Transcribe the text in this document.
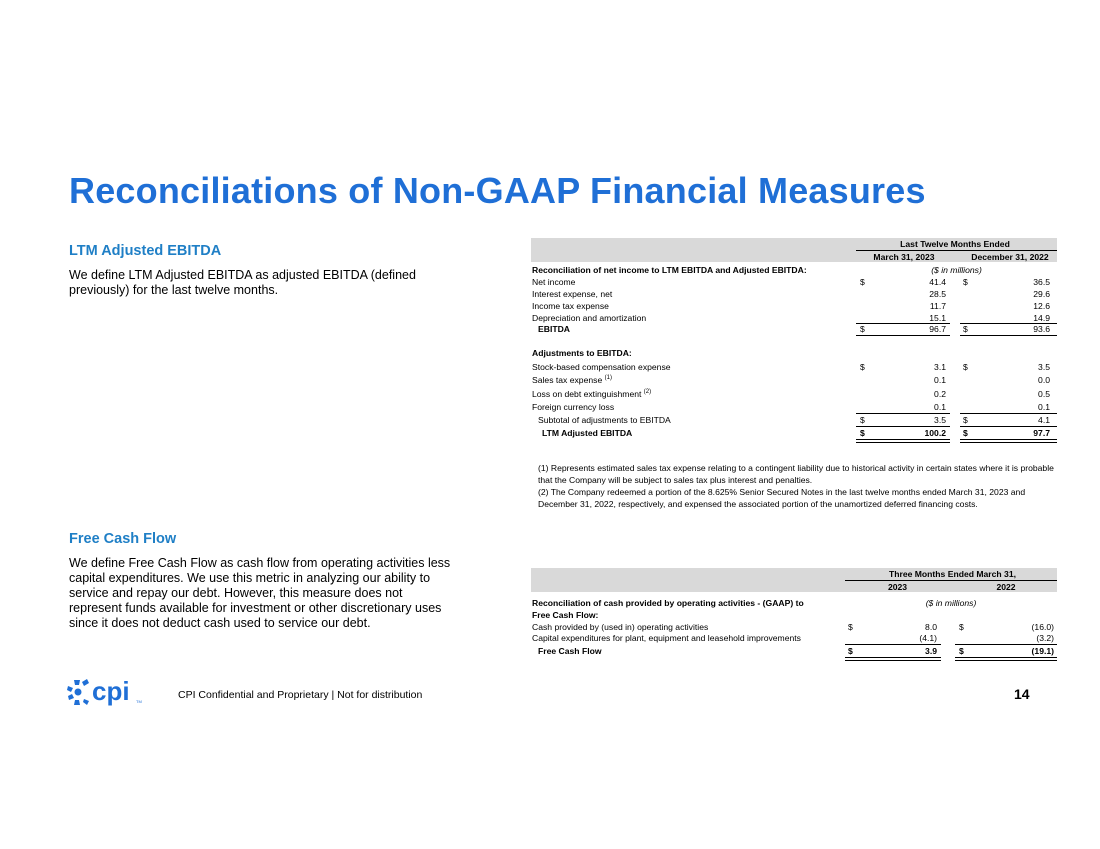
Reconciliations of Non-GAAP Financial Measures
LTM Adjusted EBITDA
We define LTM Adjusted EBITDA as adjusted EBITDA (defined previously) for the last twelve months.
Free Cash Flow
We define Free Cash Flow as cash flow from operating activities less capital expenditures. We use this metric in analyzing our ability to service and repay our debt. However, this measure does not represent funds available for investment or other discretionary uses since it does not deduct cash used to service our debt.
Last Twelve Months Ended
March 31, 2023	December 31, 2022
Reconciliation of net income to LTM EBITDA and Adjusted EBITDA:	($ in millions)
Net income	$	41.4 $	36.5
Interest expense, net	28.5	29.6
Income tax expense	11.7	12.6
Depreciation and amortization	15.1	14.9
EBITDA	$	96.7 $	93.6
Adjustments to EBITDA:
Stock-based compensation expense	$	3.1 $	3.5
Sales tax expense $^{(1)}$	0.1	0.0
Loss on debt extinguishment $^{(2)}$	0.2	0.5
Foreign currency loss	0.1	0.1
Subtotal of adjustments to EBITDA	$	3.5 $	4.1
LTM Adjusted EBITDA	$	100.2 $	97.7
(1) Represents estimated sales tax expense relating to a contingent liability due to historical activity in certain states where it is probable that the Company will be subject to sales tax plus interest and penalties.
(2) The Company redeemed a portion of the 8.625% Senior Secured Notes in the last twelve months ended March 31, 2023 and December 31, 2022, respectively, and expensed the associated portion of the unamortized deferred financing costs.
Three Months Ended March 31,
2023	2022
Reconciliation of cash provided by operating activities - (GAAP) to
Free Cash Flow:
($ in millions)
Cash provided by (used in) operating activities	$	8.0	$	(16.0)
Capital expenditures for plant, equipment and leasehold improvements	(4.1)	(3.2)
Free Cash Flow	$	3.9	$	(19.1)
cpi TM
CPI Confidential and Proprietary | Not for distribution	14
